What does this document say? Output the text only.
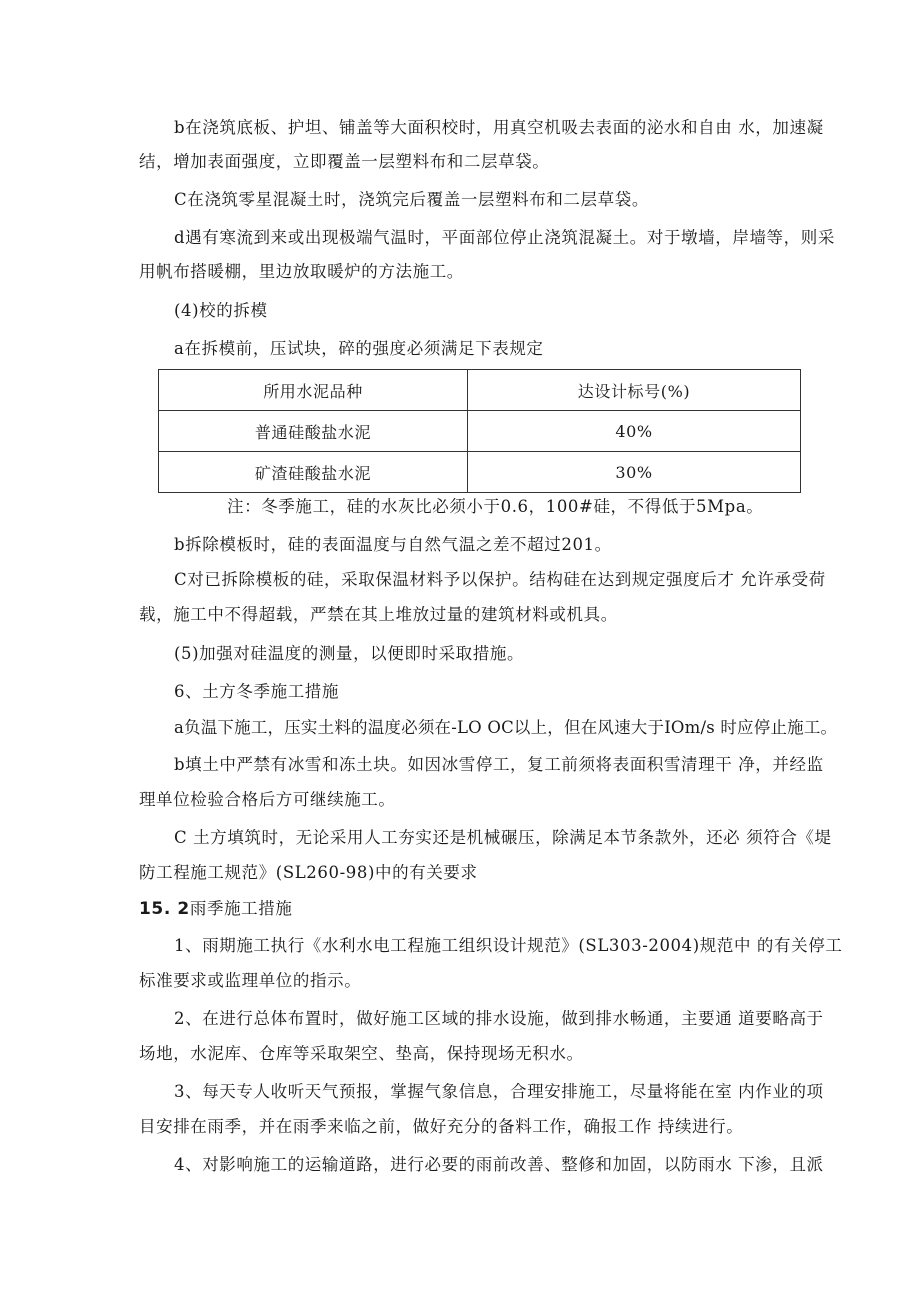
b在浇筑底板、护坦、铺盖等大面积校时，用真空机吸去表面的泌水和自由 水，加速凝
结，增加表面强度，立即覆盖一层塑料布和二层草袋。
C在浇筑零星混凝土时，浇筑完后覆盖一层塑料布和二层草袋。
d遇有寒流到来或出现极端气温时，平面部位停止浇筑混凝土。对于墩墙，岸墙等，则采
用帆布搭暖棚，里边放取暖炉的方法施工。
(4)校的拆模
a在拆模前，压试块，碎的强度必须满足下表规定
所用水泥品种	达设计标号(%)
普通硅酸盐水泥	40%
矿渣硅酸盐水泥	30%
注：冬季施工，硅的水灰比必须小于0.6，100#硅，不得低于5Mpa。
b拆除模板时，硅的表面温度与自然气温之差不超过201。
C对已拆除模板的硅，采取保温材料予以保护。结构硅在达到规定强度后才 允许承受荷
载，施工中不得超载，严禁在其上堆放过量的建筑材料或机具。
(5)加强对硅温度的测量，以便即时采取措施。
6、土方冬季施工措施
a负温下施工，压实土料的温度必须在-LO OC以上，但在风速大于IOm/s 时应停止施工。
b填土中严禁有冰雪和冻土块。如因冰雪停工，复工前须将表面积雪清理干 净，并经监
理单位检验合格后方可继续施工。
C 土方填筑时，无论采用人工夯实还是机械碾压，除满足本节条款外，还必 须符合《堤
防工程施工规范》(SL260-98)中的有关要求
15. 2雨季施工措施
1、雨期施工执行《水利水电工程施工组织设计规范》(SL303-2004)规范中 的有关停工
标准要求或监理单位的指示。
2、在进行总体布置时，做好施工区域的排水设施，做到排水畅通，主要通 道要略高于
场地，水泥库、仓库等采取架空、垫高，保持现场无积水。
3、每天专人收听天气预报，掌握气象信息，合理安排施工，尽量将能在室 内作业的项
目安排在雨季，并在雨季来临之前，做好充分的备料工作，确报工作 持续进行。
4、对影响施工的运输道路，进行必要的雨前改善、整修和加固，以防雨水 下渗，且派
